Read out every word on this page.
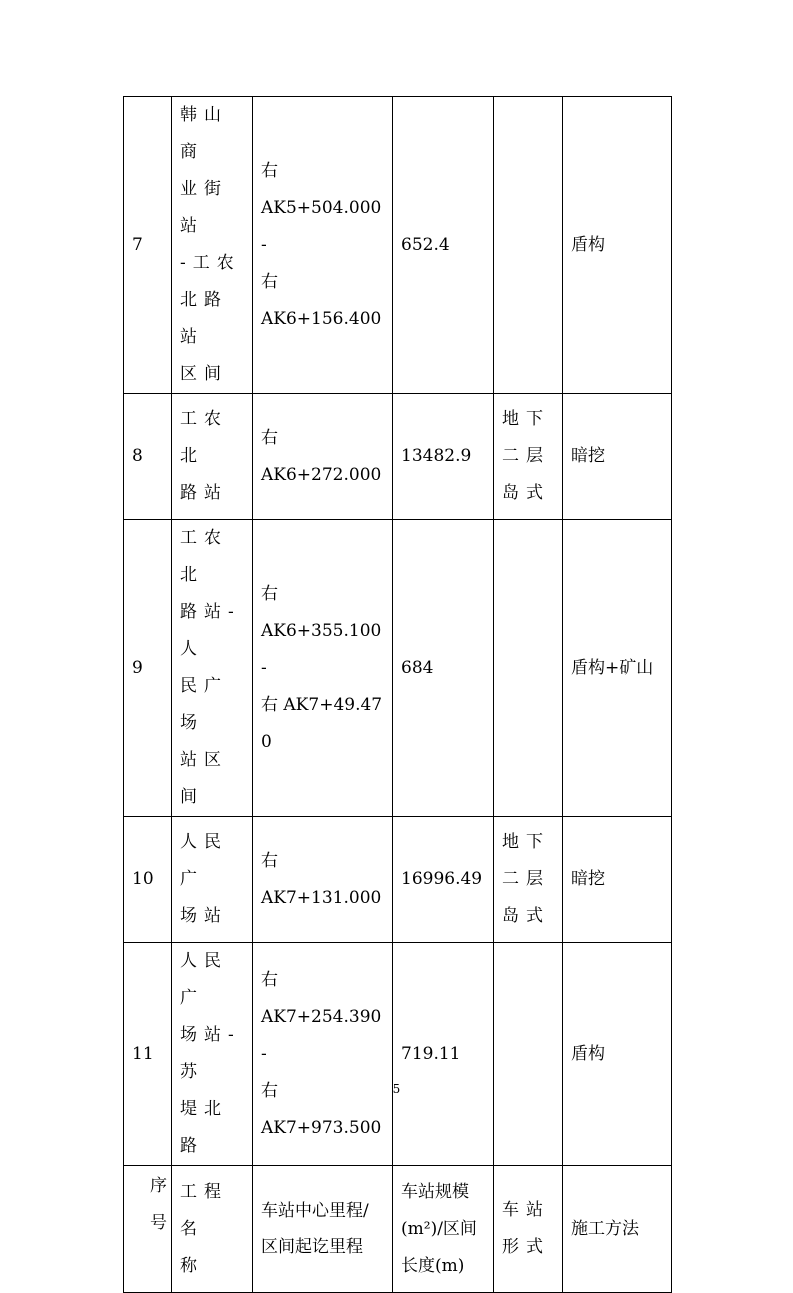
7	韩山商
业街站
-工农
北路站
区间	右
AK5+504.000-
右
AK6+156.400	652.4		盾构
8	工农北
路站	右
AK6+272.000	13482.9	地下
二层
岛式	暗挖
9	工农北
路站-人
民广场
站区间	右
AK6+355.100-
右 AK7+49.470	684		盾构+矿山
10	人民广
场站	右
AK7+131.000	16996.49	地下
二层
岛式	暗挖
11	人民广
场站-苏
堤北路	右
AK7+254.390-
右
AK7+973.500	719.11		盾构

序
号	工程名
称	车站中心里程/
区间起讫里程	车站规模
(m²)/区间
长度(m)	车站
形式	施工方法
5
